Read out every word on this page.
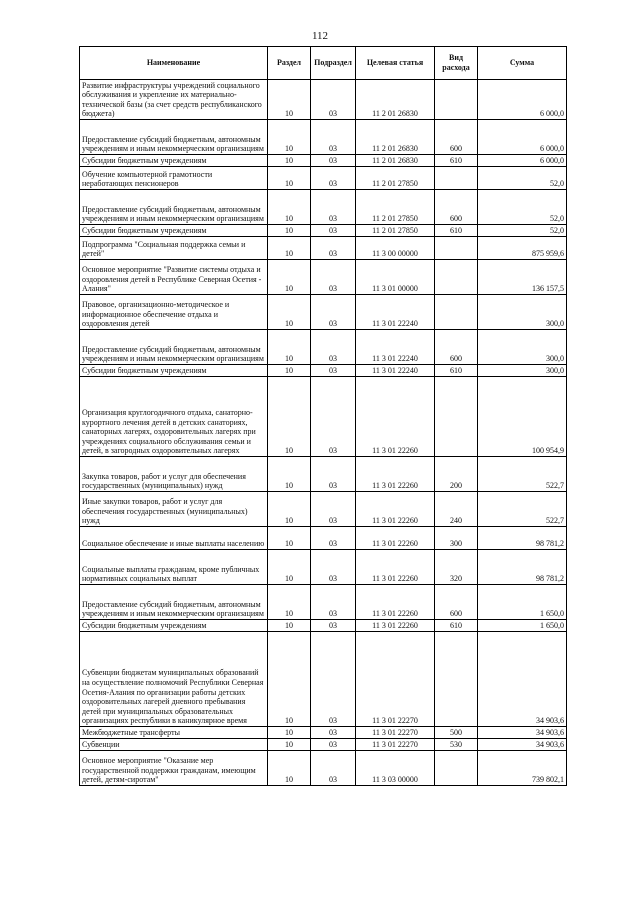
112
Наименование	Раздел	Подраздел	Целевая статья	Вид расхода	Сумма

Развитие инфраструктуры учреждений социального обслуживания и укрепление их материально-технической базы (за счет средств республиканского бюджета)	10	03	11 2 01 26830		6 000,0

Предоставление субсидий бюджетным, автономным учреждениям и иным некоммерческим организациям	10	03	11 2 01 26830	600	6 000,0

Субсидии бюджетным учреждениям	10	03	11 2 01 26830	610	6 000,0

Обучение компьютерной грамотности неработающих пенсионеров	10	03	11 2 01 27850		52,0

Предоставление субсидий бюджетным, автономным учреждениям и иным некоммерческим организациям	10	03	11 2 01 27850	600	52,0

Субсидии бюджетным учреждениям	10	03	11 2 01 27850	610	52,0

Подпрограмма "Социальная поддержка семьи и детей"	10	03	11 3 00 00000		875 959,6

Основное мероприятие "Развитие системы отдыха и оздоровления детей в Республике Северная Осетия - Алания"	10	03	11 3 01 00000		136 157,5

Правовое, организационно-методическое и информационное обеспечение отдыха и оздоровления детей	10	03	11 3 01 22240		300,0

Предоставление субсидий бюджетным, автономным учреждениям и иным некоммерческим организациям	10	03	11 3 01 22240	600	300,0

Субсидии бюджетным учреждениям	10	03	11 3 01 22240	610	300,0

Организация круглогодичного отдыха, санаторно-курортного лечения детей в детских санаториях, санаторных лагерях, оздоровительных лагерях при учреждениях социального обслуживания семьи и детей, в загородных оздоровительных лагерях	10	03	11 3 01 22260		100 954,9

Закупка товаров, работ и услуг для обеспечения государственных (муниципальных) нужд	10	03	11 3 01 22260	200	522,7

Иные закупки товаров, работ и услуг для обеспечения государственных (муниципальных) нужд	10	03	11 3 01 22260	240	522,7

Социальное обеспечение и иные выплаты населению	10	03	11 3 01 22260	300	98 781,2

Социальные выплаты гражданам, кроме публичных нормативных социальных выплат	10	03	11 3 01 22260	320	98 781,2

Предоставление субсидий бюджетным, автономным учреждениям и иным некоммерческим организациям	10	03	11 3 01 22260	600	1 650,0

Субсидии бюджетным учреждениям	10	03	11 3 01 22260	610	1 650,0

Субвенции бюджетам муниципальных образований на осуществление полномочий Республики Северная Осетия-Алания по организации работы детских оздоровительных лагерей дневного пребывания детей при муниципальных образовательных организациях республики в каникулярное время	10	03	11 3 01 22270		34 903,6

Межбюджетные трансферты	10	03	11 3 01 22270	500	34 903,6

Субвенции	10	03	11 3 01 22270	530	34 903,6

Основное мероприятие "Оказание мер государственной поддержки гражданам, имеющим детей, детям-сиротам"	10	03	11 3 03 00000		739 802,1
